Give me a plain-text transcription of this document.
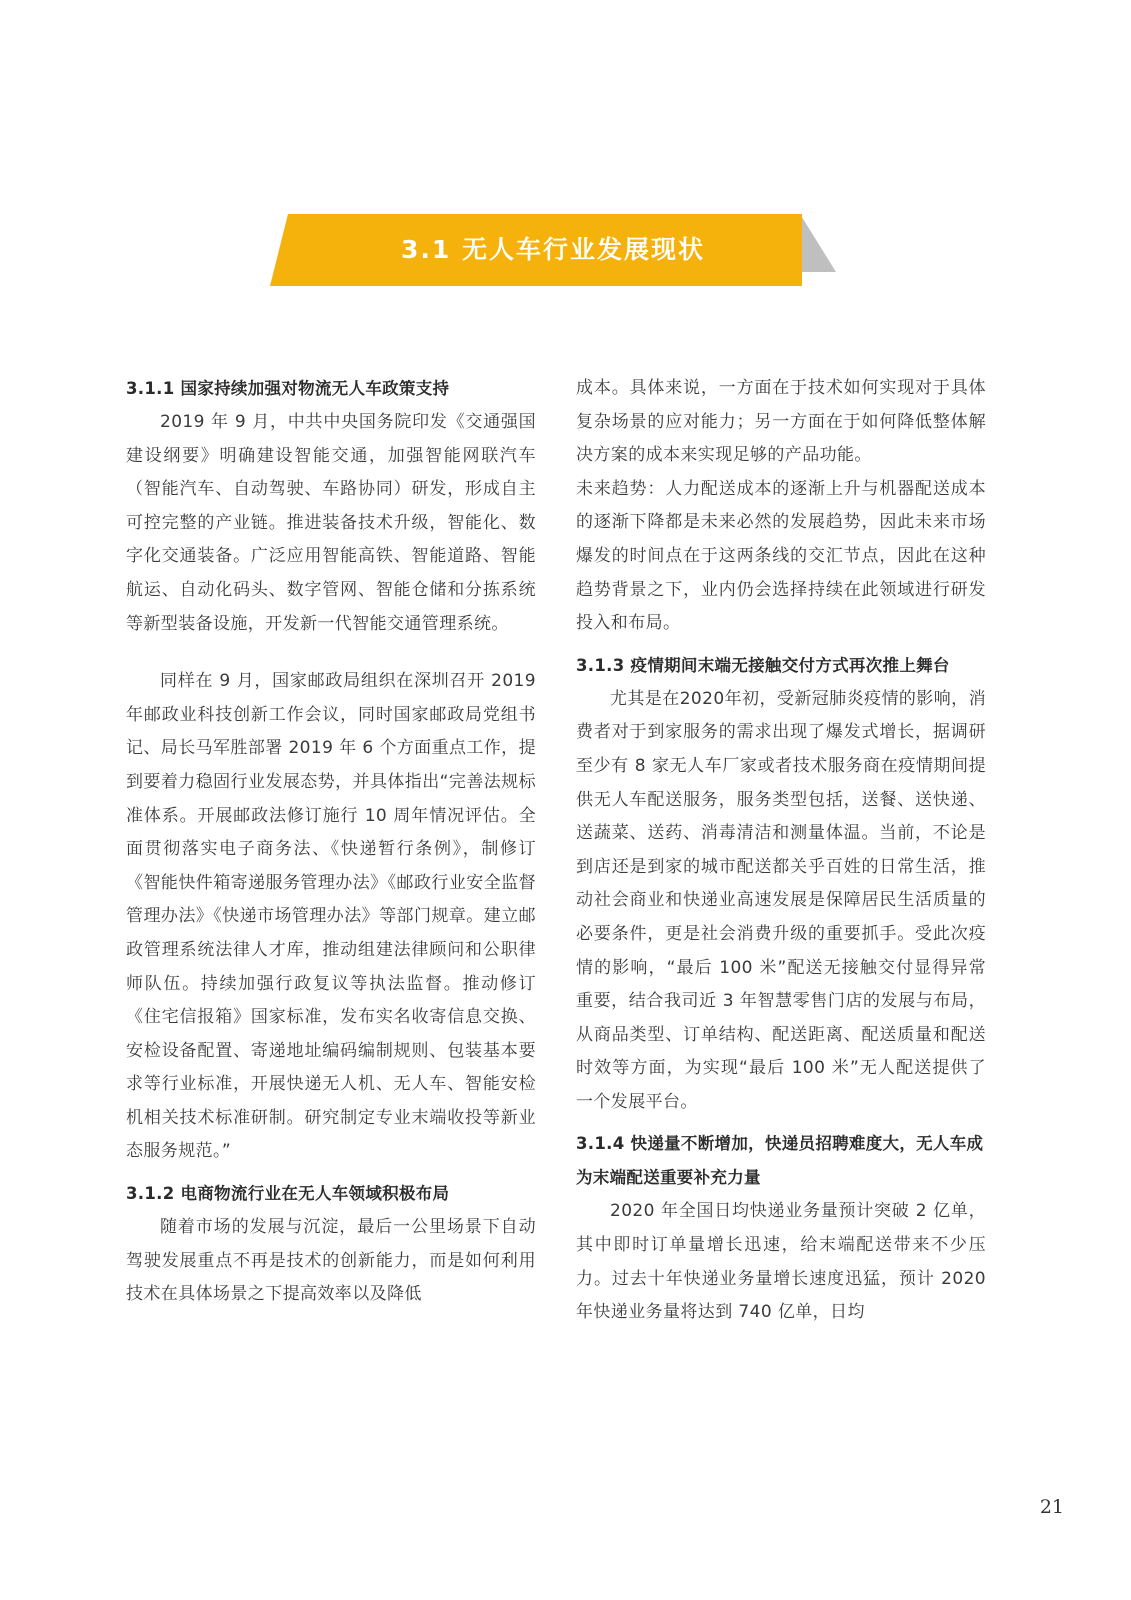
3.1 无人车行业发展现状

3.1.1 国家持续加强对物流无人车政策支持

2019 年 9 月，中共中央国务院印发《交通强国建设纲要》明确建设智能交通，加强智能网联汽车（智能汽车、自动驾驶、车路协同）研发，形成自主可控完整的产业链。推进装备技术升级，智能化、数字化交通装备。广泛应用智能高铁、智能道路、智能航运、自动化码头、数字管网、智能仓储和分拣系统等新型装备设施，开发新一代智能交通管理系统。

同样在 9 月，国家邮政局组织在深圳召开 2019 年邮政业科技创新工作会议，同时国家邮政局党组书记、局长马军胜部署 2019 年 6 个方面重点工作，提到要着力稳固行业发展态势，并具体指出“完善法规标准体系。开展邮政法修订施行 10 周年情况评估。全面贯彻落实电子商务法、《快递暂行条例》，制修订《智能快件箱寄递服务管理办法》《邮政行业安全监督管理办法》《快递市场管理办法》等部门规章。建立邮政管理系统法律人才库，推动组建法律顾问和公职律师队伍。持续加强行政复议等执法监督。推动修订《住宅信报箱》国家标准，发布实名收寄信息交换、安检设备配置、寄递地址编码编制规则、包装基本要求等行业标准，开展快递无人机、无人车、智能安检机相关技术标准研制。研究制定专业末端收投等新业态服务规范。”

3.1.2 电商物流行业在无人车领域积极布局

随着市场的发展与沉淀，最后一公里场景下自动驾驶发展重点不再是技术的创新能力，而是如何利用技术在具体场景之下提高效率以及降低

成本。具体来说，一方面在于技术如何实现对于具体复杂场景的应对能力；另一方面在于如何降低整体解决方案的成本来实现足够的产品功能。

未来趋势：人力配送成本的逐渐上升与机器配送成本的逐渐下降都是未来必然的发展趋势，因此未来市场爆发的时间点在于这两条线的交汇节点，因此在这种趋势背景之下，业内仍会选择持续在此领域进行研发投入和布局。

3.1.3 疫情期间末端无接触交付方式再次推上舞台

尤其是在2020年初，受新冠肺炎疫情的影响，消费者对于到家服务的需求出现了爆发式增长，据调研至少有 8 家无人车厂家或者技术服务商在疫情期间提供无人车配送服务，服务类型包括，送餐、送快递、送蔬菜、送药、消毒清洁和测量体温。当前，不论是到店还是到家的城市配送都关乎百姓的日常生活，推动社会商业和快递业高速发展是保障居民生活质量的必要条件，更是社会消费升级的重要抓手。受此次疫情的影响，“最后 100 米”配送无接触交付显得异常重要，结合我司近 3 年智慧零售门店的发展与布局，从商品类型、订单结构、配送距离、配送质量和配送时效等方面，为实现“最后 100 米”无人配送提供了一个发展平台。

3.1.4 快递量不断增加，快递员招聘难度大，无人车成为末端配送重要补充力量

2020 年全国日均快递业务量预计突破 2 亿单，其中即时订单量增长迅速，给末端配送带来不少压力。过去十年快递业务量增长速度迅猛，预计 2020 年快递业务量将达到 740 亿单，日均

21
